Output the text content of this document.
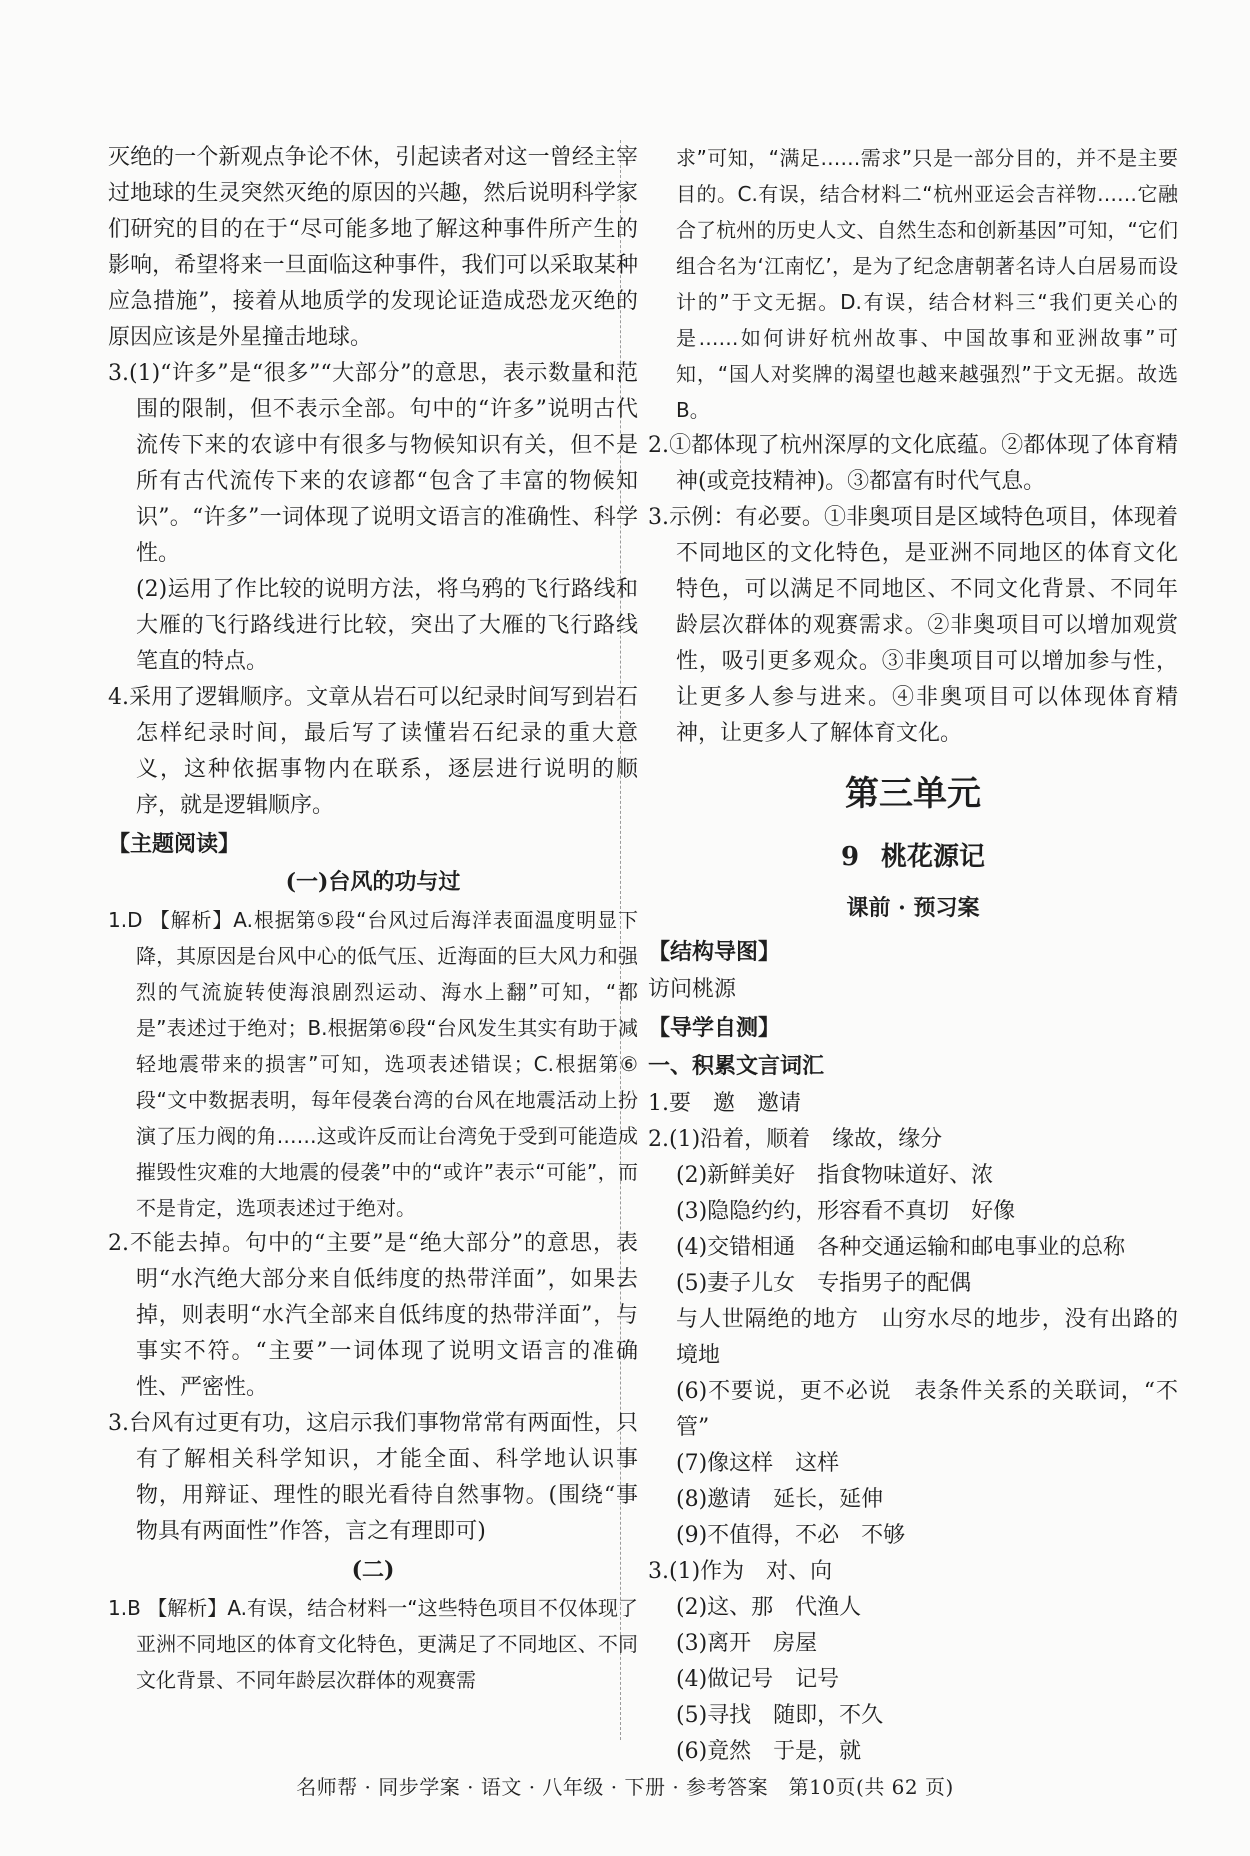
灭绝的一个新观点争论不休，引起读者对这一曾经主宰过地球的生灵突然灭绝的原因的兴趣，然后说明科学家们研究的目的在于“尽可能多地了解这种事件所产生的影响，希望将来一旦面临这种事件，我们可以采取某种应急措施”，接着从地质学的发现论证造成恐龙灭绝的原因应该是外星撞击地球。

3.(1)“许多”是“很多”“大部分”的意思，表示数量和范围的限制，但不表示全部。句中的“许多”说明古代流传下来的农谚中有很多与物候知识有关，但不是所有古代流传下来的农谚都“包含了丰富的物候知识”。“许多”一词体现了说明文语言的准确性、科学性。

(2)运用了作比较的说明方法，将乌鸦的飞行路线和大雁的飞行路线进行比较，突出了大雁的飞行路线笔直的特点。

4.采用了逻辑顺序。文章从岩石可以纪录时间写到岩石怎样纪录时间，最后写了读懂岩石纪录的重大意义，这种依据事物内在联系，逐层进行说明的顺序，就是逻辑顺序。

【主题阅读】

(一)台风的功与过

1.D 【解析】A.根据第⑤段“台风过后海洋表面温度明显下降，其原因是台风中心的低气压、近海面的巨大风力和强烈的气流旋转使海浪剧烈运动、海水上翻”可知，“都是”表述过于绝对；B.根据第⑥段“台风发生其实有助于减轻地震带来的损害”可知，选项表述错误；C.根据第⑥段“文中数据表明，每年侵袭台湾的台风在地震活动上扮演了压力阀的角……这或许反而让台湾免于受到可能造成摧毁性灾难的大地震的侵袭”中的“或许”表示“可能”，而不是肯定，选项表述过于绝对。

2.不能去掉。句中的“主要”是“绝大部分”的意思，表明“水汽绝大部分来自低纬度的热带洋面”，如果去掉，则表明“水汽全部来自低纬度的热带洋面”，与事实不符。“主要”一词体现了说明文语言的准确性、严密性。

3.台风有过更有功，这启示我们事物常常有两面性，只有了解相关科学知识，才能全面、科学地认识事物，用辩证、理性的眼光看待自然事物。(围绕“事物具有两面性”作答，言之有理即可)

(二)

1.B 【解析】A.有误，结合材料一“这些特色项目不仅体现了亚洲不同地区的体育文化特色，更满足了不同地区、不同文化背景、不同年龄层次群体的观赛需

求”可知，“满足……需求”只是一部分目的，并不是主要目的。C.有误，结合材料二“杭州亚运会吉祥物……它融合了杭州的历史人文、自然生态和创新基因”可知，“它们组合名为‘江南忆’，是为了纪念唐朝著名诗人白居易而设计的”于文无据。D.有误，结合材料三“我们更关心的是……如何讲好杭州故事、中国故事和亚洲故事”可知，“国人对奖牌的渴望也越来越强烈”于文无据。故选B。

2.①都体现了杭州深厚的文化底蕴。②都体现了体育精神(或竞技精神)。③都富有时代气息。

3.示例：有必要。①非奥项目是区域特色项目，体现着不同地区的文化特色，是亚洲不同地区的体育文化特色，可以满足不同地区、不同文化背景、不同年龄层次群体的观赛需求。②非奥项目可以增加观赏性，吸引更多观众。③非奥项目可以增加参与性，让更多人参与进来。④非奥项目可以体现体育精神，让更多人了解体育文化。

第三单元
9 桃花源记
课前 · 预习案

【结构导图】

访问桃源

【导学自测】

一、积累文言词汇

1.要　邀　邀请

2.(1)沿着，顺着　缘故，缘分

(2)新鲜美好　指食物味道好、浓

(3)隐隐约约，形容看不真切　好像

(4)交错相通　各种交通运输和邮电事业的总称

(5)妻子儿女　专指男子的配偶

与人世隔绝的地方　山穷水尽的地步，没有出路的境地

(6)不要说，更不必说　表条件关系的关联词，“不管”

(7)像这样　这样

(8)邀请　延长，延伸

(9)不值得，不必　不够

3.(1)作为　对、向

(2)这、那　代渔人

(3)离开　房屋

(4)做记号　记号

(5)寻找　随即，不久

(6)竟然　于是，就

名师帮 · 同步学案 · 语文 · 八年级 · 下册 · 参考答案　第10页(共 62 页)
